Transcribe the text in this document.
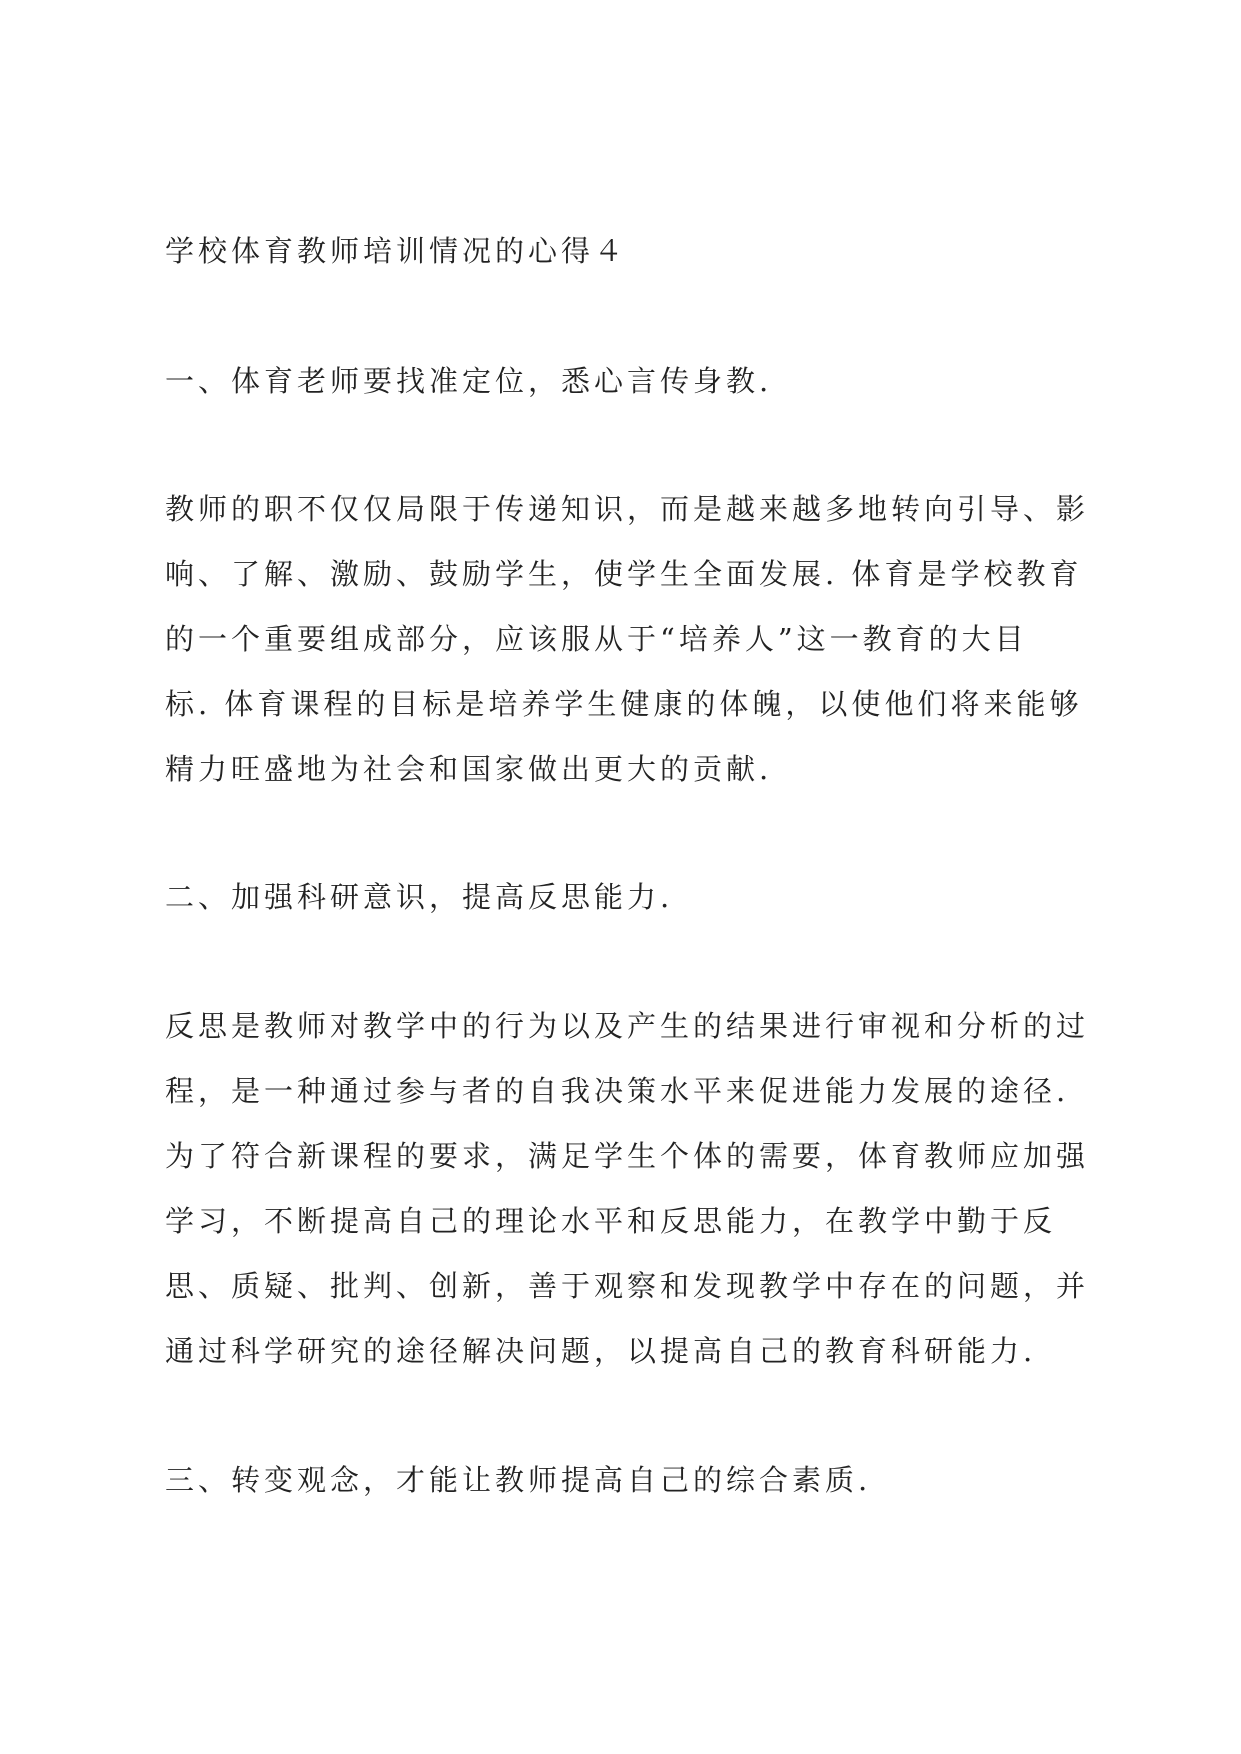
学校体育教师培训情况的心得４
一、体育老师要找准定位，悉心言传身教.
教师的职不仅仅局限于传递知识，而是越来越多地转向引导、影
响、了解、激励、鼓励学生，使学生全面发展. 体育是学校教育
的一个重要组成部分，应该服从于“培养人”这一教育的大目
标. 体育课程的目标是培养学生健康的体魄，以使他们将来能够
精力旺盛地为社会和国家做出更大的贡献.
二、加强科研意识，提高反思能力.
反思是教师对教学中的行为以及产生的结果进行审视和分析的过
程，是一种通过参与者的自我决策水平来促进能力发展的途径.
为了符合新课程的要求，满足学生个体的需要，体育教师应加强
学习，不断提高自己的理论水平和反思能力，在教学中勤于反
思、质疑、批判、创新，善于观察和发现教学中存在的问题，并
通过科学研究的途径解决问题，以提高自己的教育科研能力.
三、转变观念，才能让教师提高自己的综合素质.
